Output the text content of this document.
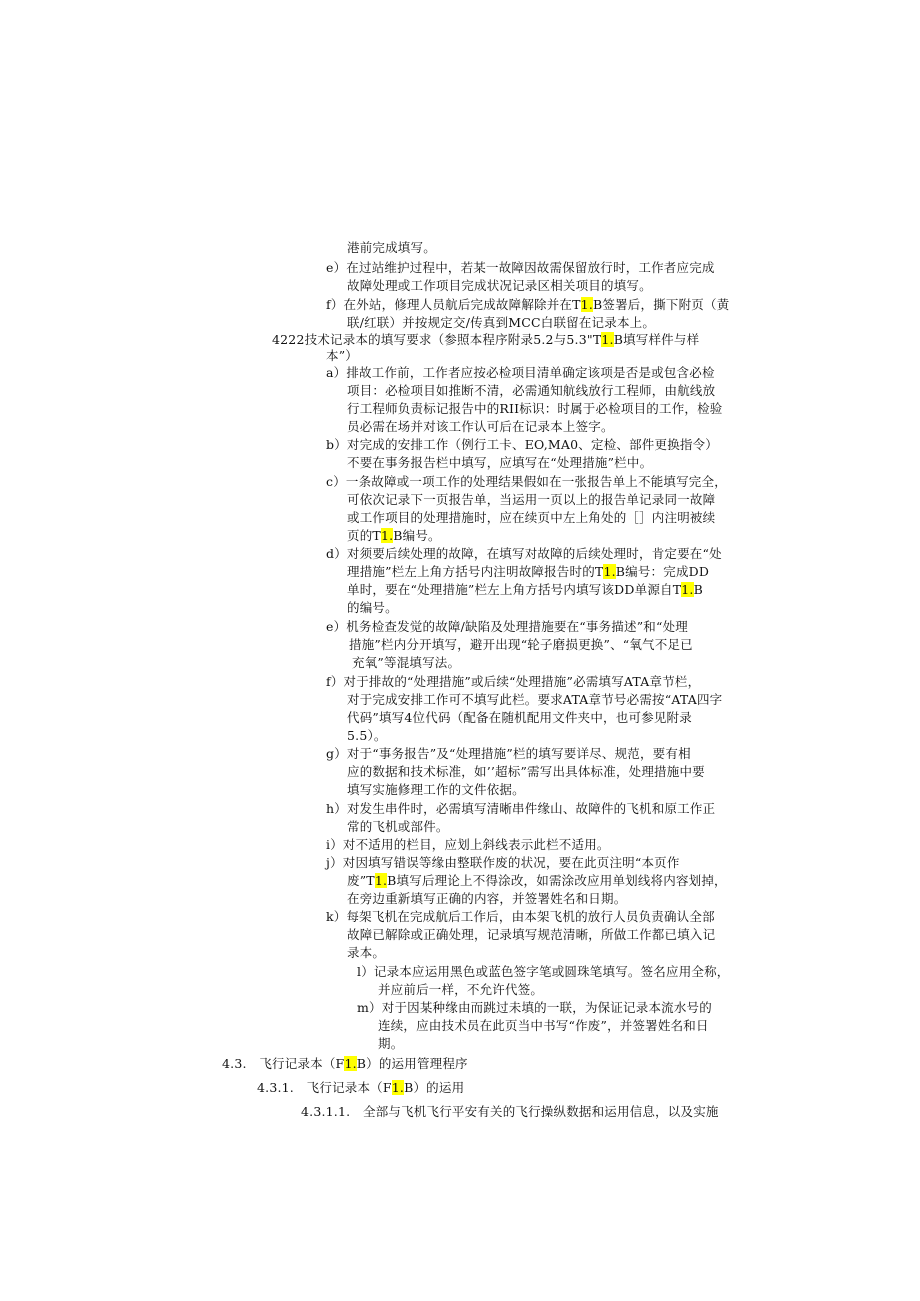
港前完成填写。
e）在过站维护过程中，若某一故障因故需保留放行时，工作者应完成
故障处理或工作项目完成状况记录区相关项目的填写。
f）在外站，修理人员航后完成故障解除并在T1.B签署后，撕下附页（黄
联/红联）并按规定交/传真到MCC白联留在记录本上。
4222技术记录本的填写要求（参照本程序附录5.2与5.3"T1.B填写样件与样
本”）
a）排故工作前，工作者应按必检项目清单确定该项是否是或包含必检
项目：必检项目如推断不清，必需通知航线放行工程师，由航线放
行工程师负责标记报告中的RII标识：时属于必检项目的工作，检验
员必需在场并对该工作认可后在记录本上签字。
b）对完成的安排工作（例行工卡、EO,MA0、定检、部件更换指令）
不要在事务报告栏中填写，应填写在“处理措施”栏中。
c）一条故障或一项工作的处理结果假如在一张报告单上不能填写完全，
可依次记录下一页报告单，当运用一页以上的报告单记录同一故障
或工作项目的处理措施时，应在续页中左上角处的［］内注明被续
页的T1.B编号。
d）对须要后续处理的故障，在填写对故障的后续处理时，肯定要在“处
理措施”栏左上角方括号内注明故障报告时的T1.B编号：完成DD
单时，要在“处理措施”栏左上角方括号内填写该DD单源自T1.B
的编号。
e）机务检查发觉的故障/缺陷及处理措施要在“事务描述”和“处理
措施”栏内分开填写，避开出现“轮子磨损更换”、“氧气不足已
充氧”等混填写法。
f）对于排故的“处理措施”或后续“处理措施”必需填写ATA章节栏，
对于完成安排工作可不填写此栏。要求ATA章节号必需按“ATA四字
代码”填写4位代码（配备在随机配用文件夹中，也可参见附录
5.5）。
g）对于“事务报告”及“处理措施”栏的填写要详尽、规范，要有相
应的数据和技术标准，如’’超标”需写出具体标准，处理措施中要
填写实施修理工作的文件依据。
h）对发生串件时，必需填写清晰串件缘山、故障件的飞机和原工作正
常的飞机或部件。
i）对不适用的栏目，应划上斜线表示此栏不适用。
j）对因填写错误等缘由整联作废的状况，要在此页注明“本页作
废”T1.B填写后理论上不得涂改，如需涂改应用单划线将内容划掉，
在旁边重新填写正确的内容，并签署姓名和日期。
k）每架飞机在完成航后工作后，由本架飞机的放行人员负责确认全部
故障已解除或正确处理，记录填写规范清晰，所做工作都已填入记
录本。
l）记录本应运用黑色或蓝色签字笔或圆珠笔填写。签名应用全称，
并应前后一样，不允许代签。
m）对于因某种缘由而跳过未填的一联，为保证记录本流水号的
连续，应由技术员在此页当中书写“作废”，并签署姓名和日
期。
4.3.　飞行记录本（F1.B）的运用管理程序
4.3.1.　飞行记录本（F1.B）的运用
4.3.1.1.　全部与飞机飞行平安有关的飞行操纵数据和运用信息，以及实施
